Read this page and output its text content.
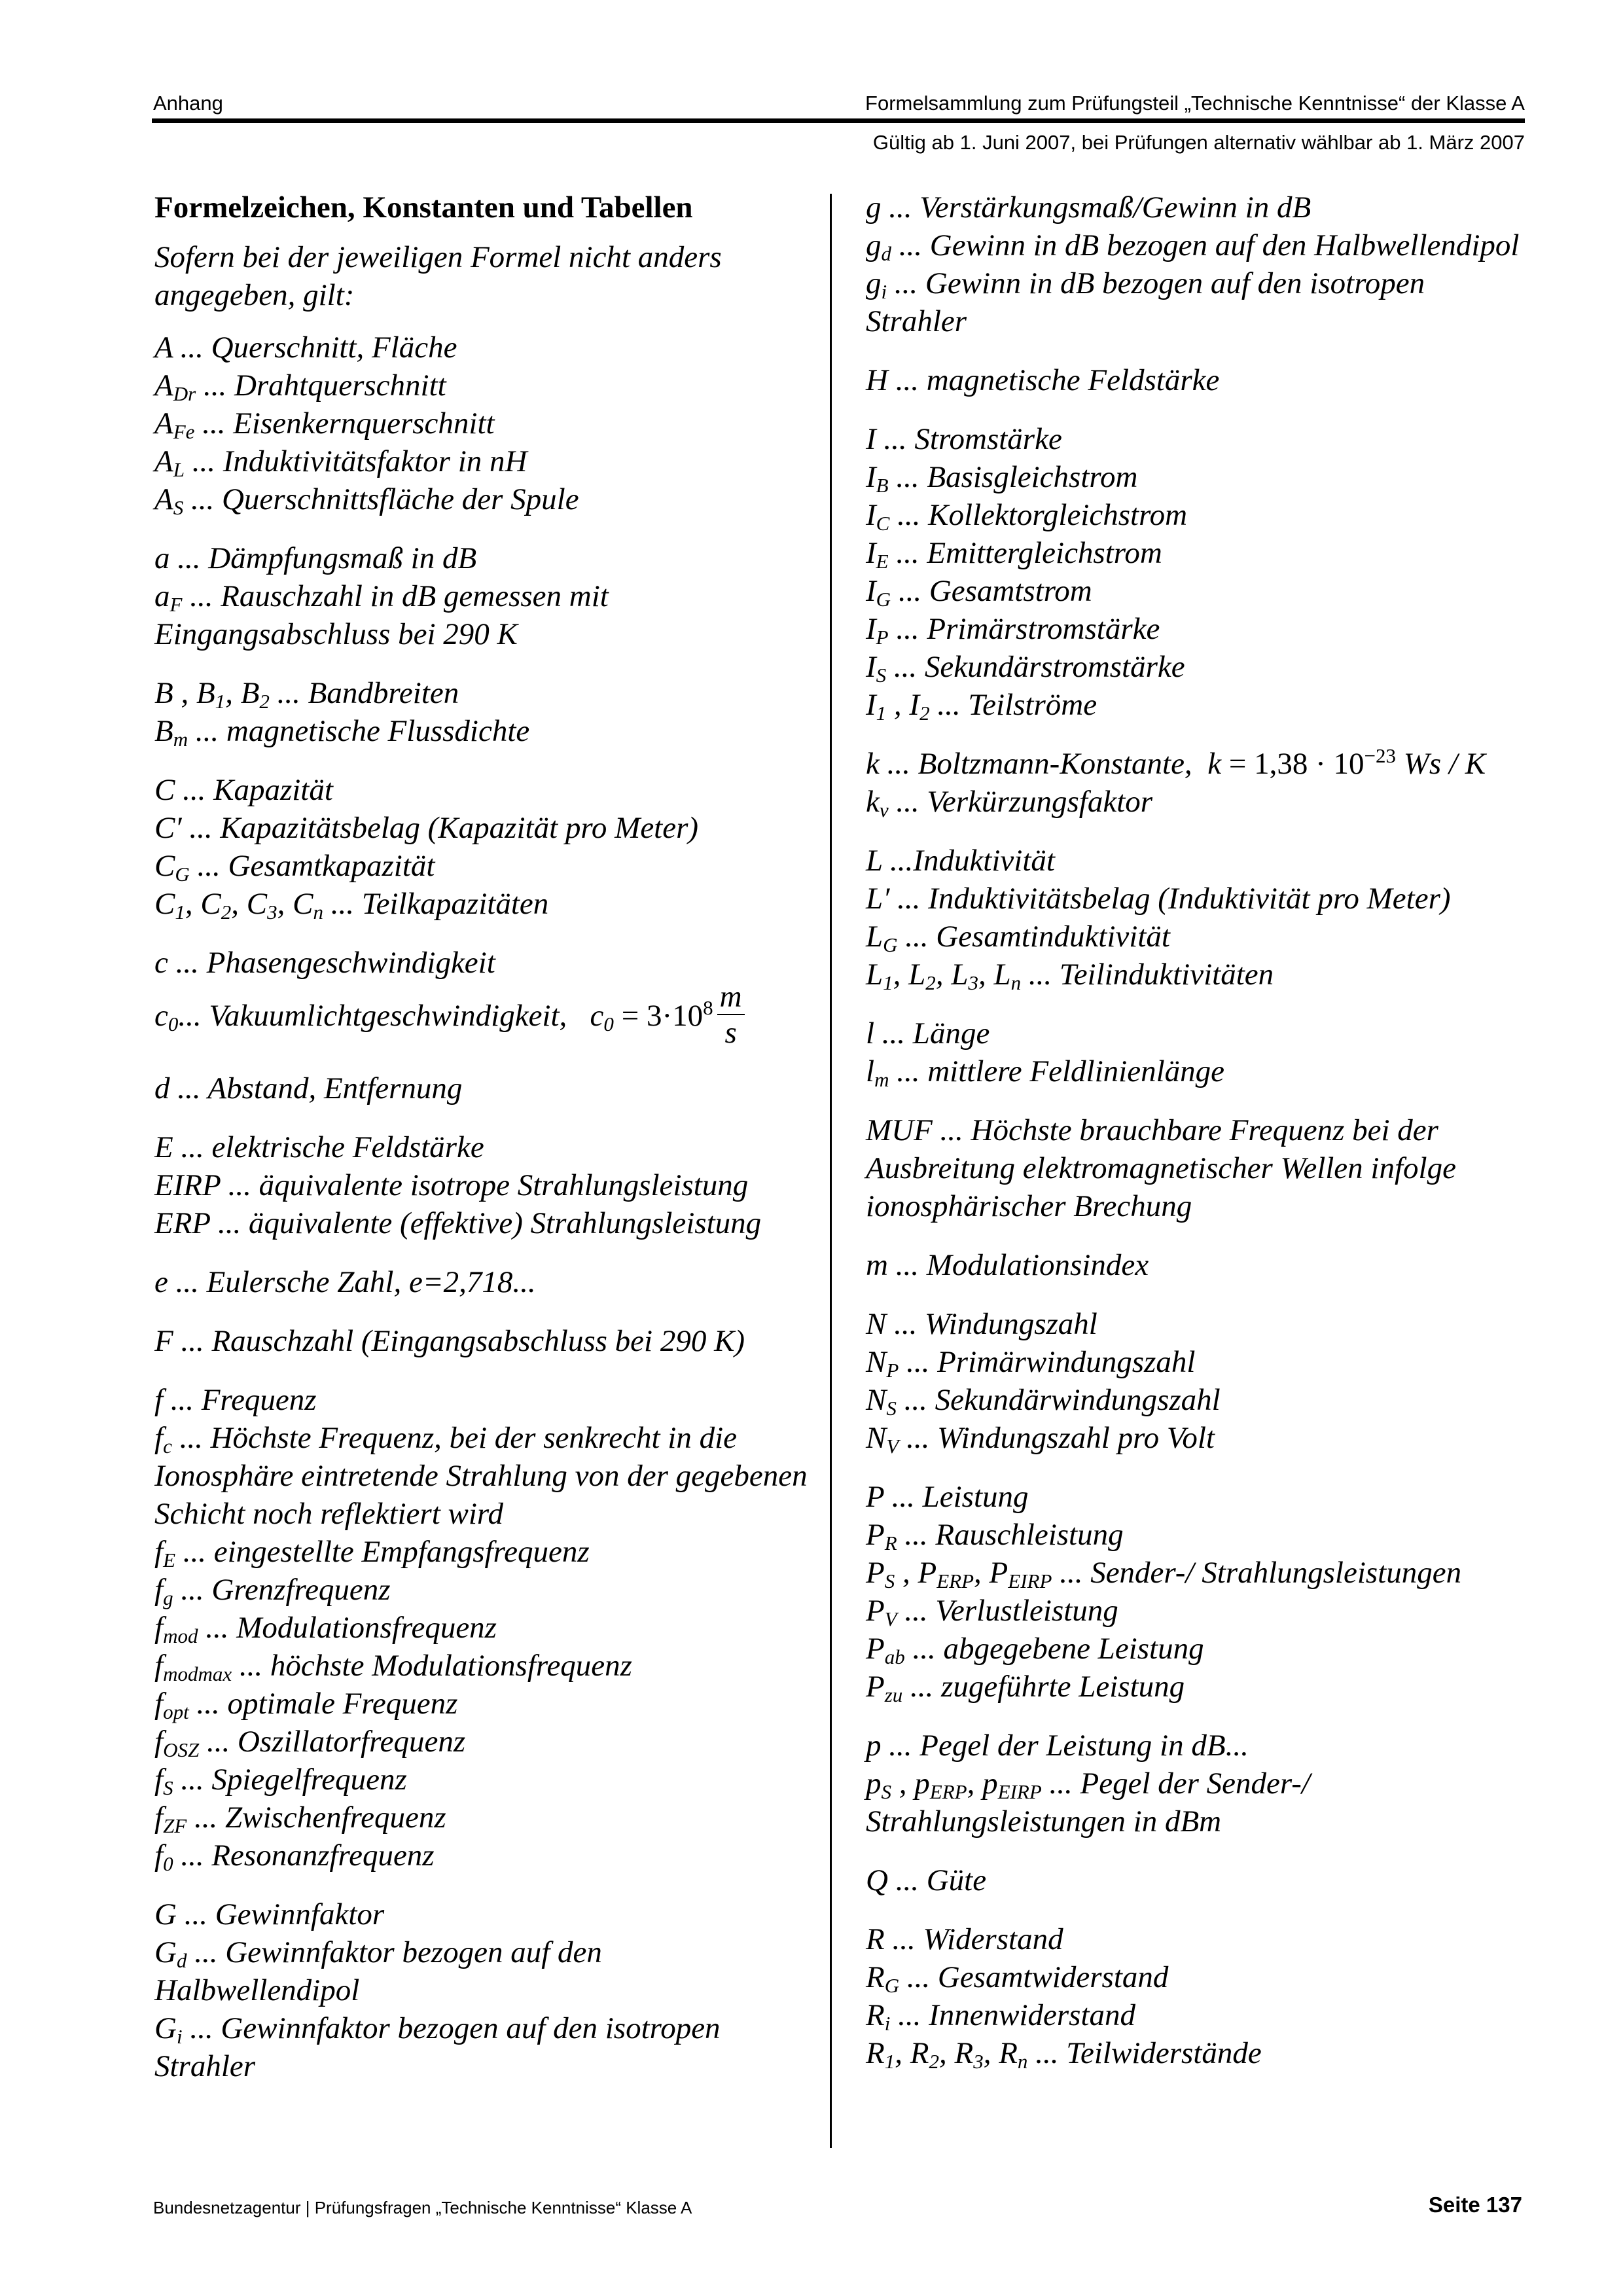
Anhang	Formelsammlung zum Prüfungsteil „Technische Kenntnisse“ der Klasse A
Gültig ab 1. Juni 2007, bei Prüfungen alternativ wählbar ab 1. März 2007
Formelzeichen, Konstanten und Tabellen
Sofern bei der jeweiligen Formel nicht anders angegeben, gilt:
A ... Querschnitt, Fläche
$A_{Dr}$ ... Drahtquerschnitt
$A_{Fe}$ ... Eisenkernquerschnitt
$A_L$ ... Induktivitätsfaktor in nH
$A_S$ ... Querschnittsfläche der Spule
a ... Dämpfungsmaß in dB
$a_F$ ... Rauschzahl in dB gemessen mit Eingangsabschluss bei 290 K
B , $B_1$, $B_2$ ... Bandbreiten
$B_m$ ... magnetische Flussdichte
C ... Kapazität
C′ ... Kapazitätsbelag (Kapazität pro Meter)
$C_G$ ... Gesamtkapazität
$C_1$, $C_2$, $C_3$, $C_n$ ... Teilkapazitäten
c ... Phasengeschwindigkeit
$c_0$... Vakuumlichtgeschwindigkeit,   $c_0 = 3\cdot 10^8 \frac{m}{s}$
d ... Abstand, Entfernung
E ... elektrische Feldstärke
EIRP ... äquivalente isotrope Strahlungsleistung
ERP ... äquivalente (effektive) Strahlungsleistung
e ... Eulersche Zahl, e=2,718...
F ... Rauschzahl (Eingangsabschluss bei 290 K)
f ... Frequenz
$f_c$ ... Höchste Frequenz, bei der senkrecht in die Ionosphäre eintretende Strahlung von der gegebenen Schicht noch reflektiert wird
$f_E$ ... eingestellte Empfangsfrequenz
$f_g$ ... Grenzfrequenz
$f_{mod}$ ... Modulationsfrequenz
$f_{modmax}$ ... höchste Modulationsfrequenz
$f_{opt}$ ... optimale Frequenz
$f_{OSZ}$ ... Oszillatorfrequenz
$f_S$ ... Spiegelfrequenz
$f_{ZF}$ ... Zwischenfrequenz
$f_0$ ... Resonanzfrequenz
G ... Gewinnfaktor
$G_d$ ... Gewinnfaktor bezogen auf den Halbwellendipol
$G_i$ ... Gewinnfaktor bezogen auf den isotropen Strahler
g ... Verstärkungsmaß/Gewinn in dB
$g_d$ ... Gewinn in dB bezogen auf den Halbwellendipol
$g_i$ ... Gewinn in dB bezogen auf den isotropen Strahler
H ... magnetische Feldstärke
I ... Stromstärke
$I_B$ ... Basisgleichstrom
$I_C$ ... Kollektorgleichstrom
$I_E$ ... Emittergleichstrom
$I_G$ ... Gesamtstrom
$I_P$ ... Primärstromstärke
$I_S$ ... Sekundärstromstärke
$I_1$ , $I_2$ ... Teilströme
k ... Boltzmann-Konstante,  $k = 1,38 \cdot 10^{-23}$ Ws / K
$k_v$ ... Verkürzungsfaktor
L ...Induktivität
L′ ... Induktivitätsbelag (Induktivität pro Meter)
$L_G$ ... Gesamtinduktivität
$L_1$, $L_2$, $L_3$, $L_n$ ... Teilinduktivitäten
l ... Länge
$l_m$ ... mittlere Feldlinienlänge
MUF ... Höchste brauchbare Frequenz bei der Ausbreitung elektromagnetischer Wellen infolge ionosphärischer Brechung
m ... Modulationsindex
N ... Windungszahl
$N_P$ ... Primärwindungszahl
$N_S$ ... Sekundärwindungszahl
$N_V$ ... Windungszahl pro Volt
P ... Leistung
$P_R$ ... Rauschleistung
$P_S$ , $P_{ERP}$, $P_{EIRP}$ ... Sender-/ Strahlungsleistungen
$P_V$ ... Verlustleistung
$P_{ab}$ ... abgegebene Leistung
$P_{zu}$ ... zugeführte Leistung
p ... Pegel der Leistung in dB...
$p_S$ , $p_{ERP}$, $p_{EIRP}$ ... Pegel der Sender-/ Strahlungsleistungen in dBm
Q ... Güte
R ... Widerstand
$R_G$ ... Gesamtwiderstand
$R_i$ ... Innenwiderstand
$R_1$, $R_2$, $R_3$, $R_n$ ... Teilwiderstände
Bundesnetzagentur | Prüfungsfragen „Technische Kenntnisse“ Klasse A	Seite 137
